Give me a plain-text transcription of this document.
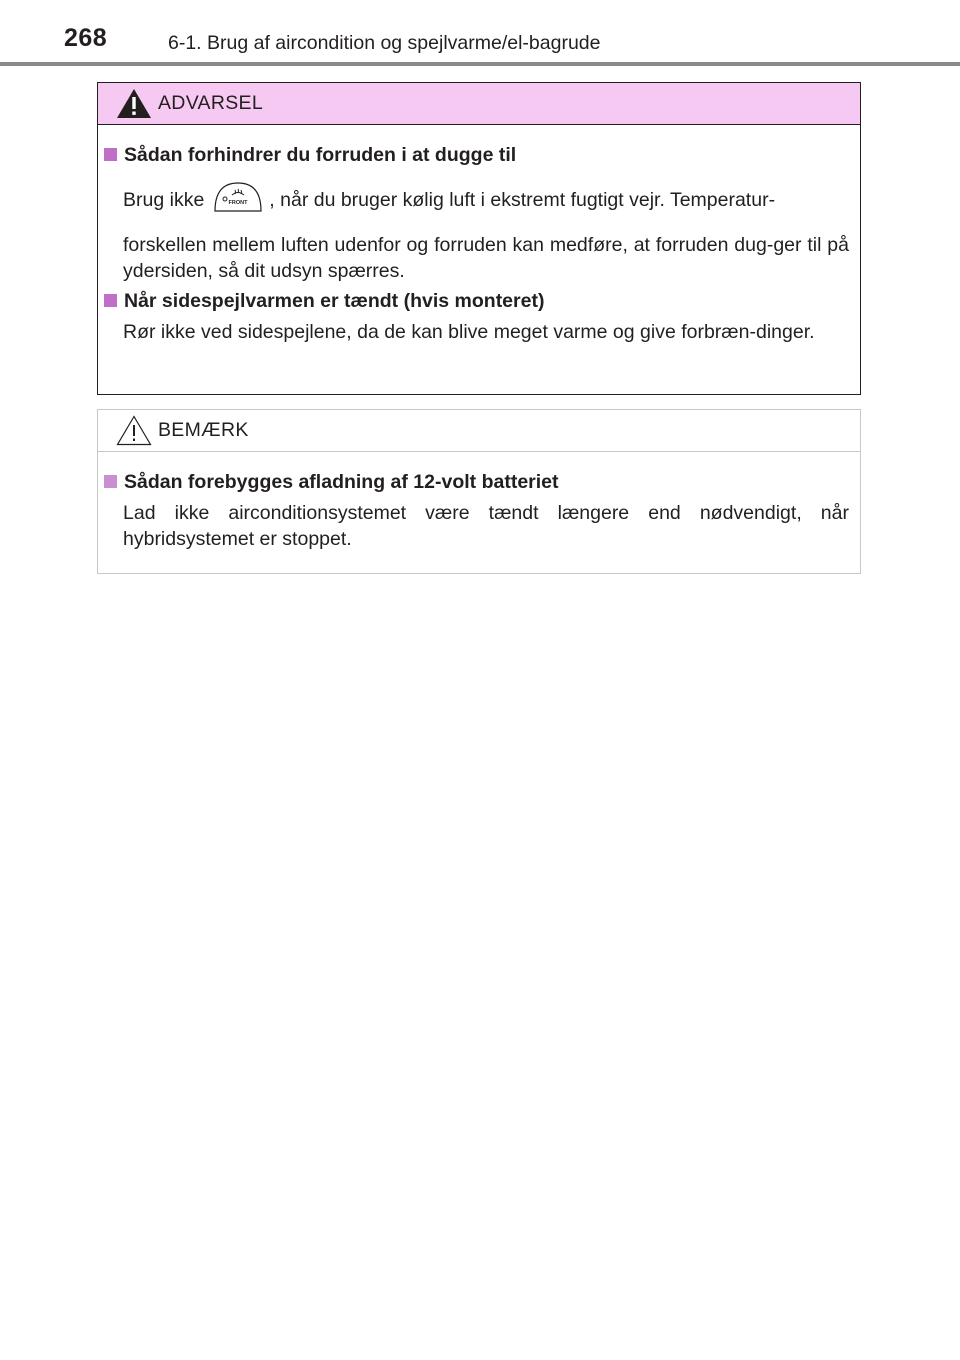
268	6-1. Brug af aircondition og spejlvarme/el-bagrude
ADVARSEL
Sådan forhindrer du forruden i at dugge til
Brug ikke	FRONT , når du bruger kølig luft i ekstremt fugtigt vejr. Temperatur-
forskellen mellem luften udenfor og forruden kan medføre, at forruden dug-ger til på ydersiden, så dit udsyn spærres.
Når sidespejlvarmen er tændt (hvis monteret)
Rør ikke ved sidespejlene, da de kan blive meget varme og give forbræn-dinger.
BEMÆRK
Sådan forebygges afladning af 12-volt batteriet
Lad ikke airconditionsystemet være tændt længere end nødvendigt, når hybridsystemet er stoppet.
